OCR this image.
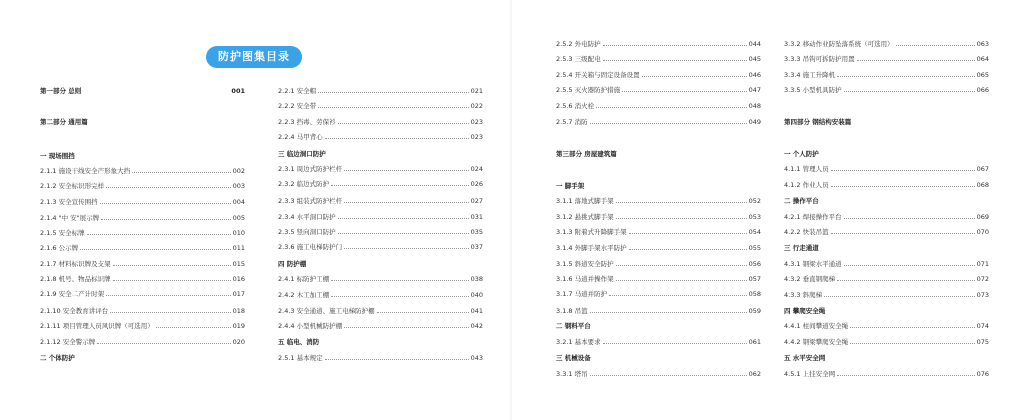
防护图集目录
第一部分 总则	001
第二部分 通用篇
一 现场围挡
2.1.1 施设干线安全产形象大挡	002
2.1.2 安全标识形完样	003
2.1.3 安全宣传围挡	004
2.1.4 "中 安"展示牌	005
2.1.5 安全标牌	010
2.1.6 公示牌	011
2.1.7 材料标识牌及支架	015
2.1.8 机号、物品标识牌	016
2.1.9 安全二产计时架	017
2.1.10 安全教育讲评台	018
2.1.11 项目管理人员风识牌（可选用）	019
2.1.12 安全警示牌	020
二 个体防护
2.2.1 安全帽	021
2.2.2 安全带	022
2.2.3 挡毒、劳保衫	023
2.2.4 马甲背心	023
三 临边洞口防护
2.3.1 周边式防护栏杆	024
2.3.2 临边式防护	026
2.3.3 组装式防护栏杆	027
2.3.4 水平洞口防护	031
2.3.5 竖向洞口防护	035
2.3.6 施工电梯防护门	037
四 防护棚
2.4.1 标防护工棚	038
2.4.2 木工加工棚	040
2.4.3 安全通道、施工电梯防护棚	041
2.4.4 小型机械防护棚	042
五 临电、消防
2.5.1 基本规定	043
2.5.2 外电防护	044
2.5.3 三级配电	045
2.5.4 开关箱与固定设备设置	046
2.5.5 灭火器防护措施	047
2.5.6 消火栓	048
2.5.7 消防	049
第三部分 房屋建筑篇
一 脚手架
3.1.1 落地式脚手架	052
3.1.2 悬挑式脚手架	053
3.1.3 附着式升降脚手架	054
3.1.4 外脚手架水平防护	055
3.1.5 斜道安全防护	056
3.1.6 马道并操作架	057
3.1.7 马道并防护	058
3.1.8 吊篮	059
二 钢料平台
3.2.1 基本要求	061
三 机械设备
3.3.1 塔吊	062
3.3.2 移动作业防坠落系统（可选用）	063
3.3.3 吊钩可拆防护用置	064
3.3.4 施工升降机	065
3.3.5 小型机具防护	066
第四部分 钢结构安装篇
一 个人防护
4.1.1 管理人员	067
4.1.2 作业人员	068
二 操作平台
4.2.1 焊接操作平台	069
4.2.2 快装吊篮	070
三 行走通道
4.3.1 钢梁水平通道	071
4.3.2 垂直钢爬梯	072
4.3.3 斜爬梯	073
四 攀爬安全绳
4.4.1 柱间攀道安全绳	074
4.4.2 钢梁攀爬安全绳	075
五 水平安全网
4.5.1 上挂安全网	076
